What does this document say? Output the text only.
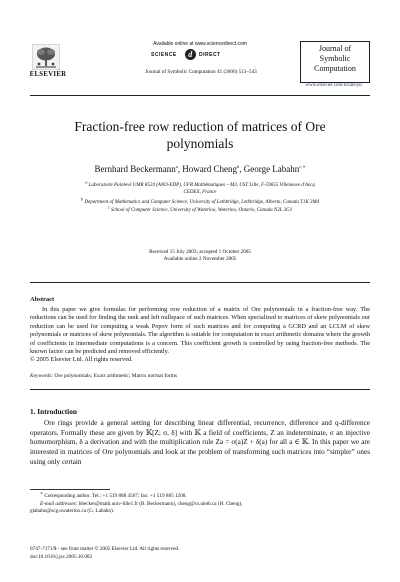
Available online at www.sciencedirect.com
SCIENCE	d	DIRECT
Journal of Symbolic Computation 41 (2006) 513–543
ELSEVIER
Journal of
Symbolic
Computation
www.elsevier.com/locate/jsc
Fraction-free row reduction of matrices of Ore
polynomials
Bernhard Beckermann$^a$, Howard Cheng$^b$, George Labahn$^{c,∗}$
a Laboratoire Painlevé UMR 8524 (ANO-EDP), UFR Mathématiques – M3, UST Lille, F-59655 Villeneuve d'Ascq
CEDEX, France
b Department of Mathematics and Computer Science, University of Lethbridge, Lethbridge, Alberta, Canada T1K 3M4
c School of Computer Science, University of Waterloo, Waterloo, Ontario, Canada N2L 3G1
Received 15 July 2003; accepted 1 October 2005
Available online 2 November 2005
Abstract
In this paper we give formulas for performing row reduction of a matrix of Ore polynomials in a fraction-free way. The reductions can be used for finding the rank and left nullspace of such matrices. When specialized to matrices of skew polynomials our reduction can be used for computing a weak Popov form of such matrices and for computing a GCRD and an LCLM of skew polynomials or matrices of skew polynomials. The algorithm is suitable for computation in exact arithmetic domains where the growth of coefficients in intermediate computations is a concern. This coefficient growth is controlled by using fraction-free methods. The known factor can be predicted and removed efficiently.
© 2005 Elsevier Ltd. All rights reserved.
Keywords: Ore polynomials; Exact arithmetic; Matrix normal forms
1. Introduction
Ore rings provide a general setting for describing linear differential, recurrence, difference and q-difference operators. Formally these are given by 𝕂[Z; σ, δ] with 𝕂 a field of coefficients, Z an indeterminate, σ an injective homomorphism, δ a derivation and with the multiplication rule Za = σ(a)Z + δ(a) for all a ∈ 𝕂. In this paper we are interested in matrices of Ore polynomials and look at the problem of transforming such matrices into “simpler” ones using only certain
∗ Corresponding author. Tel.: +1 519 888 4567; fax: +1 519 885 1208.
E-mail addresses: bbecker@math.univ-lille1.fr (B. Beckermann), cheng@cs.uleth.ca (H. Cheng),
glabahn@scg.uwaterloo.ca (G. Labahn).
0747-7171/$ - see front matter © 2005 Elsevier Ltd. All rights reserved.
doi:10.1016/j.jsc.2005.10.002
